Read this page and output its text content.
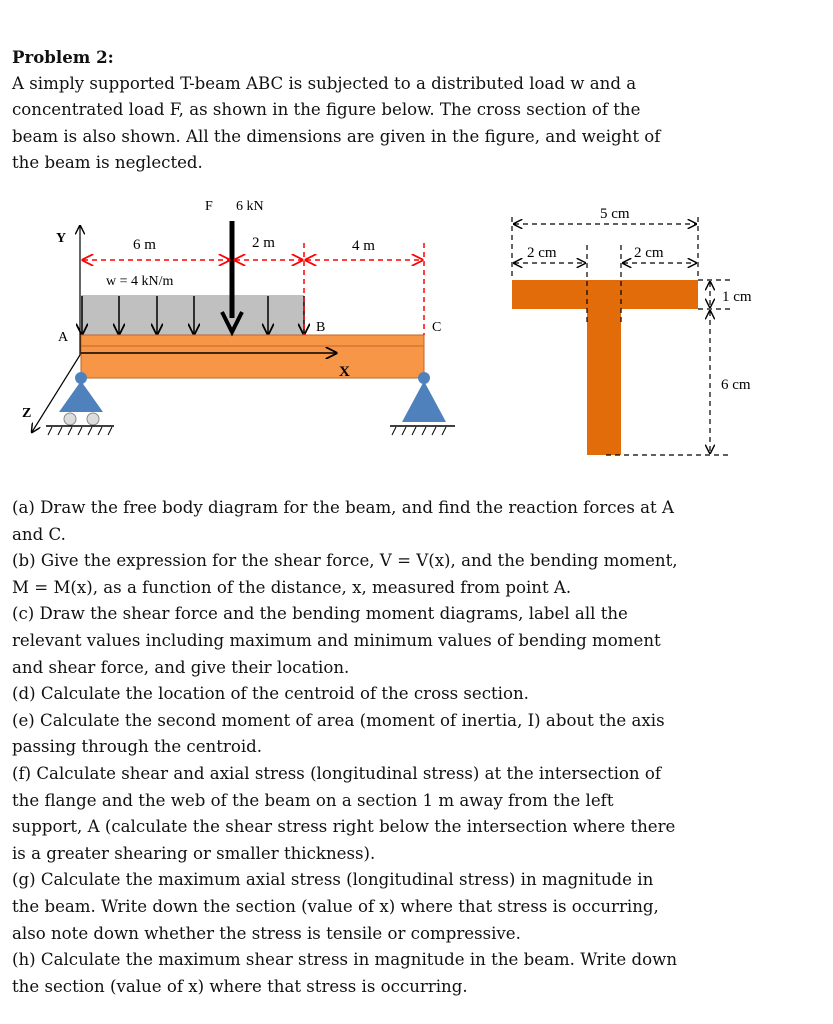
Problem 2:
A simply supported T-beam ABC is subjected to a distributed load w and a
concentrated load F, as shown in the figure below. The cross section of the
beam is also shown. All the dimensions are given in the figure, and weight of
the beam is neglected.
X
Y
Z
F 6 kN
6 m	2 m	4 m
w = 4 kN/m
A
B	C
5 cm
2 cm	2 cm
1 cm
6 cm
(a) Draw the free body diagram for the beam, and find the reaction forces at A
and C.
(b) Give the expression for the shear force, V = V(x), and the bending moment,
M = M(x), as a function of the distance, x, measured from point A.
(c) Draw the shear force and the bending moment diagrams, label all the
relevant values including maximum and minimum values of bending moment
and shear force, and give their location.
(d) Calculate the location of the centroid of the cross section.
(e) Calculate the second moment of area (moment of inertia, I) about the axis
passing through the centroid.
(f) Calculate shear and axial stress (longitudinal stress) at the intersection of
the flange and the web of the beam on a section 1 m away from the left
support, A (calculate the shear stress right below the intersection where there
is a greater shearing or smaller thickness).
(g) Calculate the maximum axial stress (longitudinal stress) in magnitude in
the beam. Write down the section (value of x) where that stress is occurring,
also note down whether the stress is tensile or compressive.
(h) Calculate the maximum shear stress in magnitude in the beam. Write down
the section (value of x) where that stress is occurring.
